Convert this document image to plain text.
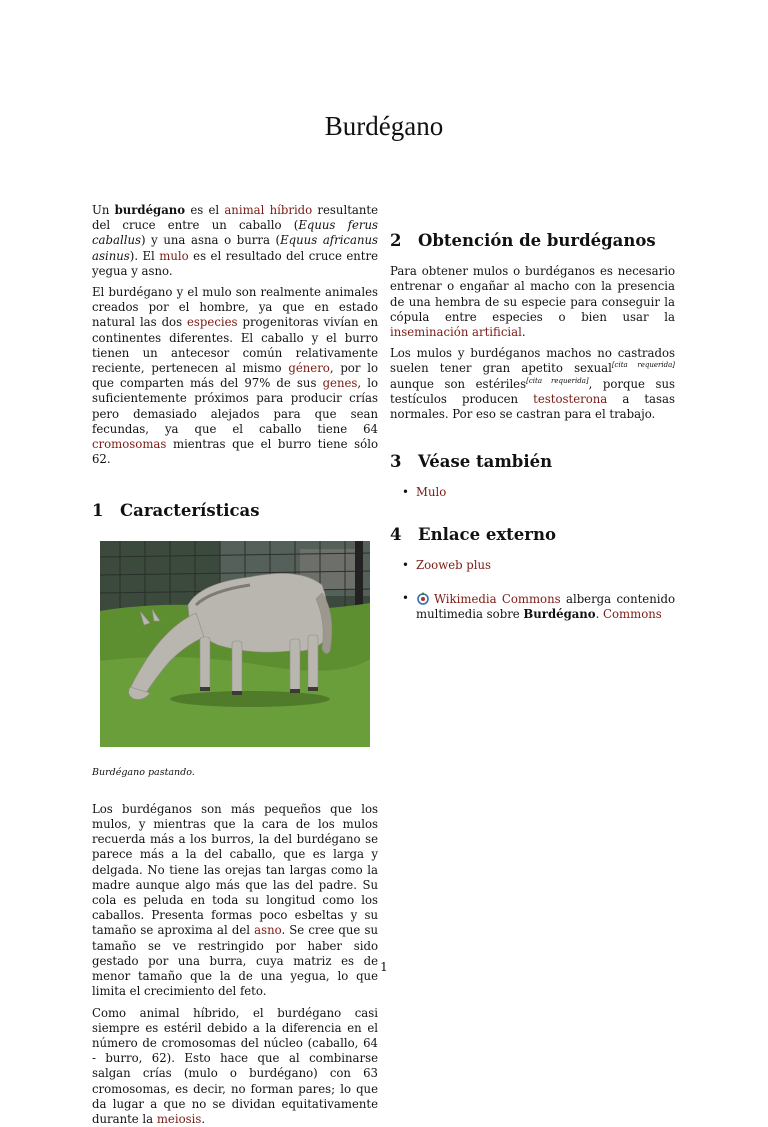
Burdégano

Un burdégano es el animal híbrido resultante del cruce entre un caballo (Equus ferus caballus) y una asna o burra (Equus africanus asinus). El mulo es el resultado del cruce entre yegua y asno.

El burdégano y el mulo son realmente animales creados por el hombre, ya que en estado natural las dos especies progenitoras vivían en continentes diferentes. El caballo y el burro tienen un antecesor común relativamente reciente, pertenecen al mismo género, por lo que comparten más del 97% de sus genes, lo suficientemente próximos para producir crías pero demasiado alejados para que sean fecundas, ya que el caballo tiene 64 cromosomas mientras que el burro tiene sólo 62.

1 Características

Burdégano pastando.

Los burdéganos son más pequeños que los mulos, y mientras que la cara de los mulos recuerda más a los burros, la del burdégano se parece más a la del caballo, que es larga y delgada. No tiene las orejas tan largas como la madre aunque algo más que las del padre. Su cola es peluda en toda su longitud como los caballos. Presenta formas poco esbeltas y su tamaño se aproxima al del asno. Se cree que su tamaño se ve restringido por haber sido gestado por una burra, cuya matriz es de menor tamaño que la de una yegua, lo que limita el crecimiento del feto.

Como animal híbrido, el burdégano casi siempre es estéril debido a la diferencia en el número de cromosomas del núcleo (caballo, 64 - burro, 62). Esto hace que al combinarse salgan crías (mulo o burdégano) con 63 cromosomas, es decir, no forman pares; lo que da lugar a que no se dividan equitativamente durante la meiosis.

2 Obtención de burdéganos

Para obtener mulos o burdéganos es necesario entrenar o engañar al macho con la presencia de una hembra de su especie para conseguir la cópula entre especies o bien usar la inseminación artificial.

Los mulos y burdéganos machos no castrados suelen tener gran apetito sexual[cita requerida] aunque son estériles[cita requerida], porque sus testículos producen testosterona a tasas normales. Por eso se castran para el trabajo.

3 Véase también
• Mulo
4 Enlace externo
• Zooweb plus
• Wikimedia Commons alberga contenido multimedia sobre Burdégano. Commons
1
